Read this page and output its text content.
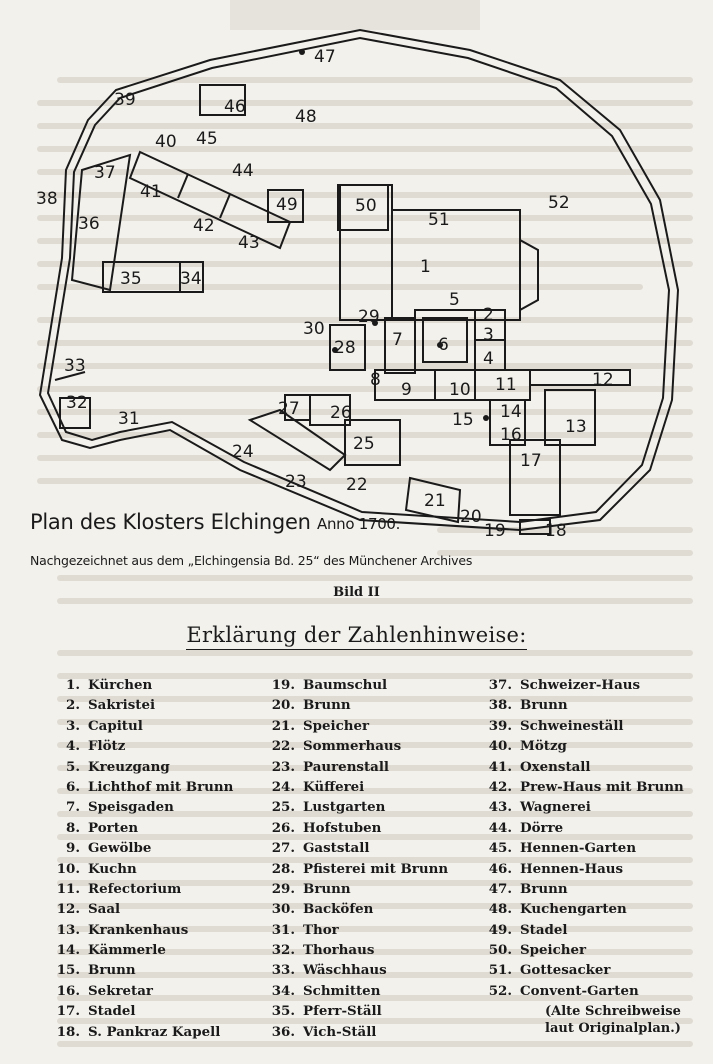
1
2
3
4
5
6
7
8 9 10 11	12
13
14
15
16
17
18
19
20
21
22
23
24	25
26
27
28
29
30
31
32
33
34
35
36
37
38
39
40
41
42
43
44
45
46
47
48
49	50
51
52
Plan des Klosters Elchingen Anno 1700.
Nachgezeichnet aus dem „Elchingensia Bd. 25“ des Münchener Archives
Bild II
Erklärung der Zahlenhinweise:
1. Kürchen
2. Sakristei
3. Capitul
4. Flötz
5. Kreuzgang
6. Lichthof mit Brunn
7. Speisgaden
8. Porten
9. Gewölbe
10. Kuchn
11. Refectorium
12. Saal
13. Krankenhaus
14. Kämmerle
15. Brunn
16. Sekretar
17. Stadel
18. S. Pankraz Kapell
19. Baumschul
20. Brunn
21. Speicher
22. Sommerhaus
23. Paurenstall
24. Küfferei
25. Lustgarten
26. Hofstuben
27. Gaststall
28. Pfisterei mit Brunn
29. Brunn
30. Backöfen
31. Thor
32. Thorhaus
33. Wäschhaus
34. Schmitten
35. Pferr-Ställ
36. Vich-Ställ
37. Schweizer-Haus
38. Brunn
39. Schweineställ
40. Mötzg
41. Oxenstall
42. Prew-Haus mit Brunn
43. Wagnerei
44. Dörre
45. Hennen-Garten
46. Hennen-Haus
47. Brunn
48. Kuchengarten
49. Stadel
50. Speicher
51. Gottesacker
52. Convent-Garten
(Alte Schreibweise
laut Originalplan.)
